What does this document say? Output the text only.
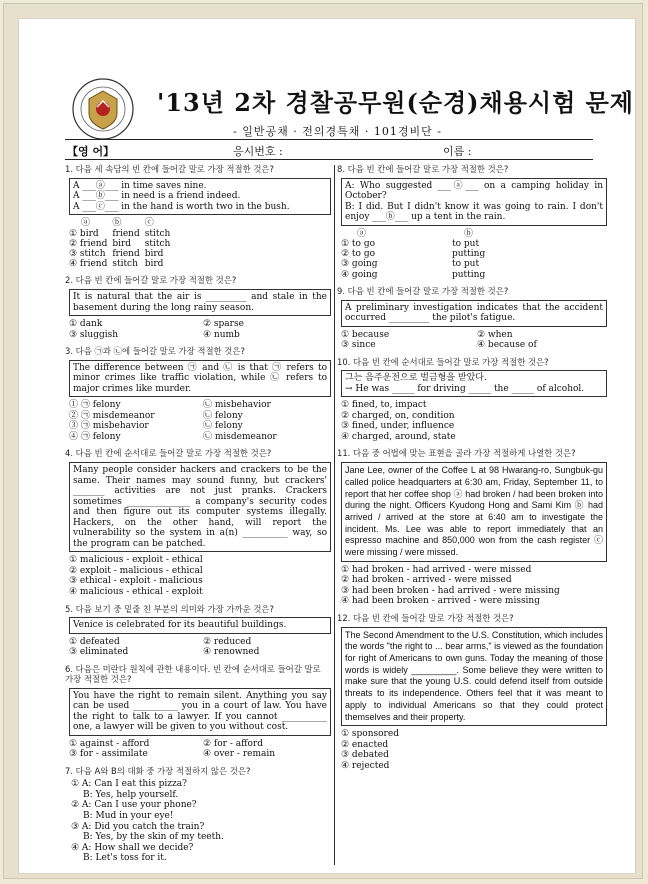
'13년 2차 경찰공무원(순경)채용시험 문제
- 일반공채 · 전의경특채 · 101경비단 -
【영 어】	응시번호 :	이름 :
1. 다음 세 속담의 빈 칸에 들어갈 말로 가장 적절한 것은?
A ___ⓐ___ in time saves nine.
A ___ⓑ___ in need is a friend indeed.
A ___ⓒ___ in the hand is worth two in the bush.
ⓐ	ⓑ	ⓒ
① bird	friend	stitch
② friend	bird	stitch
③ stitch	friend	bird
④ friend	stitch	bird
2. 다음 빈 칸에 들어갈 말로 가장 적절한 것은?
It is natural that the air is _________ and stale in the basement during the long rainy season.
① dank	② sparse
③ sluggish	④ numb
3. 다음 ㉠과 ㉡에 들어갈 말로 가장 적절한 것은?
The difference between ㉠ and ㉡ is that ㉠ refers to minor crimes like traffic violation, while ㉡ refers to major crimes like murder.
① ㉠ felony	㉡ misbehavior
② ㉠ misdemeanor	㉡ felony
③ ㉠ misbehavior	㉡ felony
④ ㉠ felony	㉡ misdemeanor
4. 다음 빈 칸에 순서대로 들어갈 말로 가장 적절한 것은?
Many people consider hackers and crackers to be the same. Their names may sound funny, but crackers' _______ activities are not just pranks. Crackers sometimes ______________ a company's security codes and then figure out its computer systems illegally. Hackers, on the other hand, will report the vulnerability so the system in a(n) __________ way, so the program can be patched.
① malicious - exploit - ethical
② exploit - malicious - ethical
③ ethical - exploit - malicious
④ malicious - ethical - exploit
5. 다음 보기 중 밑줄 친 부분의 의미와 가장 가까운 것은?
Venice is celebrated for its beautiful buildings.
① defeated	② reduced
③ eliminated	④ renowned
6. 다음은 미란다 원칙에 관한 내용이다. 빈 칸에 순서대로 들어갈 말로 가장 적절한 것은?
You have the right to remain silent. Anything you say can be used __________ you in a court of law. You have the right to talk to a lawyer. If you cannot __________ one, a lawyer will be given to you without cost.
① against - afford	② for - afford
③ for - assimilate	④ over - remain
7. 다음 A와 B의 대화 중 가장 적절하지 않은 것은?
① A: Can I eat this pizza?
B: Yes, help yourself.
② A: Can I use your phone?
B: Mud in your eye!
③ A: Did you catch the train?
B: Yes, by the skin of my teeth.
④ A: How shall we decide?
B: Let's toss for it.
8. 다음 빈 칸에 들어갈 말로 가장 적절한 것은?
A: Who suggested ___ⓐ___ on a camping holiday in October?
B: I did. But I didn't know it was going to rain. I don't enjoy ___ⓑ___ up a tent in the rain.
ⓐ	ⓑ
① to go	to put
② to go	putting
③ going	to put
④ going	putting
9. 다음 빈 칸에 들어갈 말로 가장 적절한 것은?
A preliminary investigation indicates that the accident occurred _________ the pilot's fatigue.
① because	② when
③ since	④ because of
10. 다음 빈 칸에 순서대로 들어갈 말로 가장 적절한 것은?
그는 음주운전으로 벌금형을 받았다.
→ He was _____ for driving _____ the _____ of alcohol.
① fined, to, impact
② charged, on, condition
③ fined, under, influence
④ charged, around, state
11. 다음 중 어법에 맞는 표현을 골라 가장 적절하게 나열한 것은?
Jane Lee, owner of the Coffee L at 98 Hwarang-ro, Sungbuk-gu called police headquarters at 6:30 am, Friday, September 11, to report that her coffee shop ⓐ had broken / had been broken into during the night. Officers Kyudong Hong and Sami Kim ⓑ had arrived / arrived at the store at 6:40 am to investigate the incident. Ms. Lee was able to report immediately that an espresso machine and 850,000 won from the cash register ⓒ were missing / were missed.
① had broken - had arrived - were missed
② had broken - arrived - were missed
③ had been broken - had arrived - were missing
④ had been broken - arrived - were missing
12. 다음 빈 칸에 들어갈 말로 가장 적절한 것은?
The Second Amendment to the U.S. Constitution, which includes the words "the right to ... bear arms," is viewed as the foundation for right of Americans to own guns. Today the meaning of those words is widely _________. Some believe they were written to make sure that the young U.S. could defend itself from outside threats to its independence. Others feel that it was meant to apply to individual Americans so that they could protect themselves and their property.
① sponsored
② enacted
③ debated
④ rejected
